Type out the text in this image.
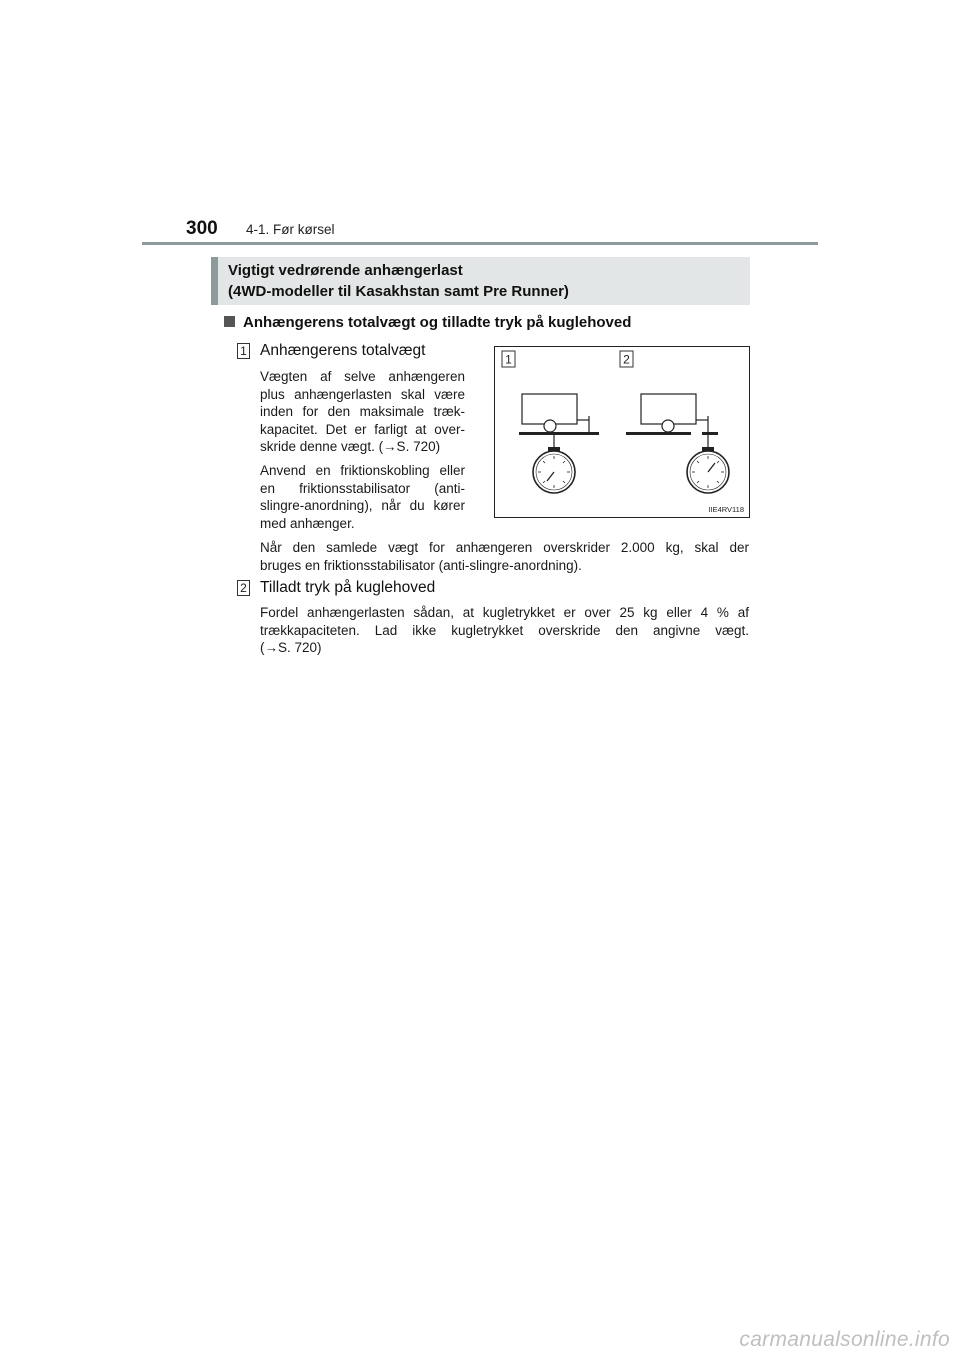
300 4-1. Før kørsel
Vigtigt vedrørende anhængerlast
(4WD-modeller til Kasakhstan samt Pre Runner)
Anhængerens totalvægt og tilladte tryk på kuglehoved
1 Anhængerens totalvægt
Vægten af selve anhængeren
plus anhængerlasten skal være
inden for den maksimale træk-
kapacitet. Det er farligt at over-
skride denne vægt. (→S. 720)
Anvend en friktionskobling eller
en friktionsstabilisator (anti-
slingre-anordning), når du kører
med anhænger.
Når den samlede vægt for anhængeren overskrider 2.000 kg, skal der
bruges en friktionsstabilisator (anti-slingre-anordning).
1	2
IIE4RV118
2 Tilladt tryk på kuglehoved
Fordel anhængerlasten sådan, at kugletrykket er over 25 kg eller 4 % af
trækkapaciteten. Lad ikke kugletrykket overskride den angivne vægt.
(→S. 720)
carmanualsonline.info
